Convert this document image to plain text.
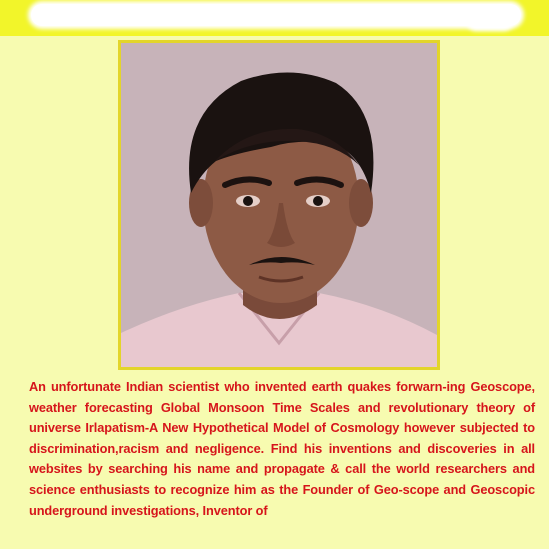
An unfortunate Indian scientist who invented earth quakes forwarn-ing Geoscope, weather forecasting Global Monsoon Time Scales and revolutionary theory of universe Irlapatism-A New Hypothetical Model of Cosmology however subjected to discrimination,racism and negligence. Find his inventions and discoveries in all websites by searching his name and propagate & call the world researchers and science enthusiasts to recognize him as the Founder of Geo-scope and Geoscopic underground investigations, Inventor of
